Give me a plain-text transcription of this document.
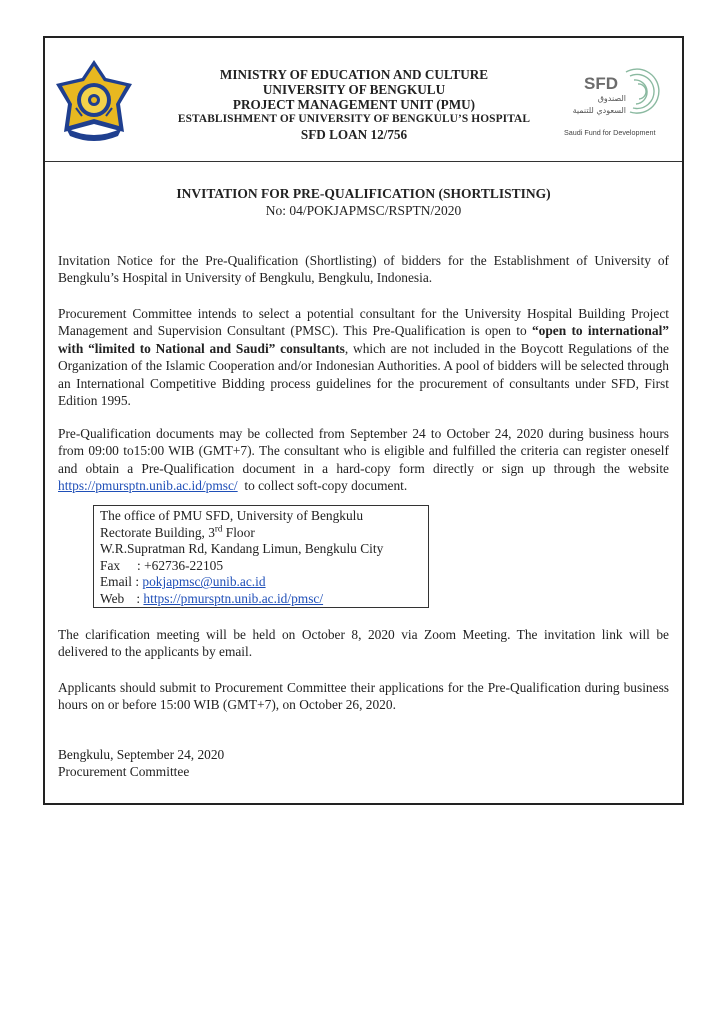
SFD
الصندوق
السعودي للتنمية
Saudi Fund for Development
MINISTRY OF EDUCATION AND CULTURE
UNIVERSITY OF BENGKULU
PROJECT MANAGEMENT UNIT (PMU)
ESTABLISHMENT OF UNIVERSITY OF BENGKULU’S HOSPITAL
SFD LOAN 12/756
INVITATION FOR PRE-QUALIFICATION (SHORTLISTING)
No: 04/POKJAPMSC/RSPTN/2020
Invitation Notice for the Pre-Qualification (Shortlisting) of bidders for the Establishment of University of Bengkulu’s Hospital in University of Bengkulu, Bengkulu, Indonesia.
Procurement Committee intends to select a potential consultant for the University Hospital Building Project Management and Supervision Consultant (PMSC). This Pre-Qualification is open to “open to international” with “limited to National and Saudi” consultants, which are not included in the Boycott Regulations of the Organization of the Islamic Cooperation and/or Indonesian Authorities. A pool of bidders will be selected through an International Competitive Bidding process guidelines for the procurement of consultants under SFD, First Edition 1995.
Pre-Qualification documents may be collected from September 24 to October 24, 2020 during business hours from 09:00 to15:00 WIB (GMT+7). The consultant who is eligible and fulfilled the criteria can register oneself and obtain a Pre-Qualification document in a hard-copy form directly or sign up through the website https://pmursptn.unib.ac.id/pmsc/  to collect soft-copy document.
The office of PMU SFD, University of Bengkulu
Rectorate Building, 3rd Floor
W.R.Supratman Rd, Kandang Limun, Bengkulu City
Fax : +62736-22105
Email : pokjapmsc@unib.ac.id
Web : https://pmursptn.unib.ac.id/pmsc/
The clarification meeting will be held on October 8, 2020 via Zoom Meeting. The invitation link will be delivered to the applicants by email.
Applicants should submit to Procurement Committee their applications for the Pre-Qualification during business hours on or before 15:00 WIB (GMT+7), on October 26, 2020.
Bengkulu, September 24, 2020
Procurement Committee
